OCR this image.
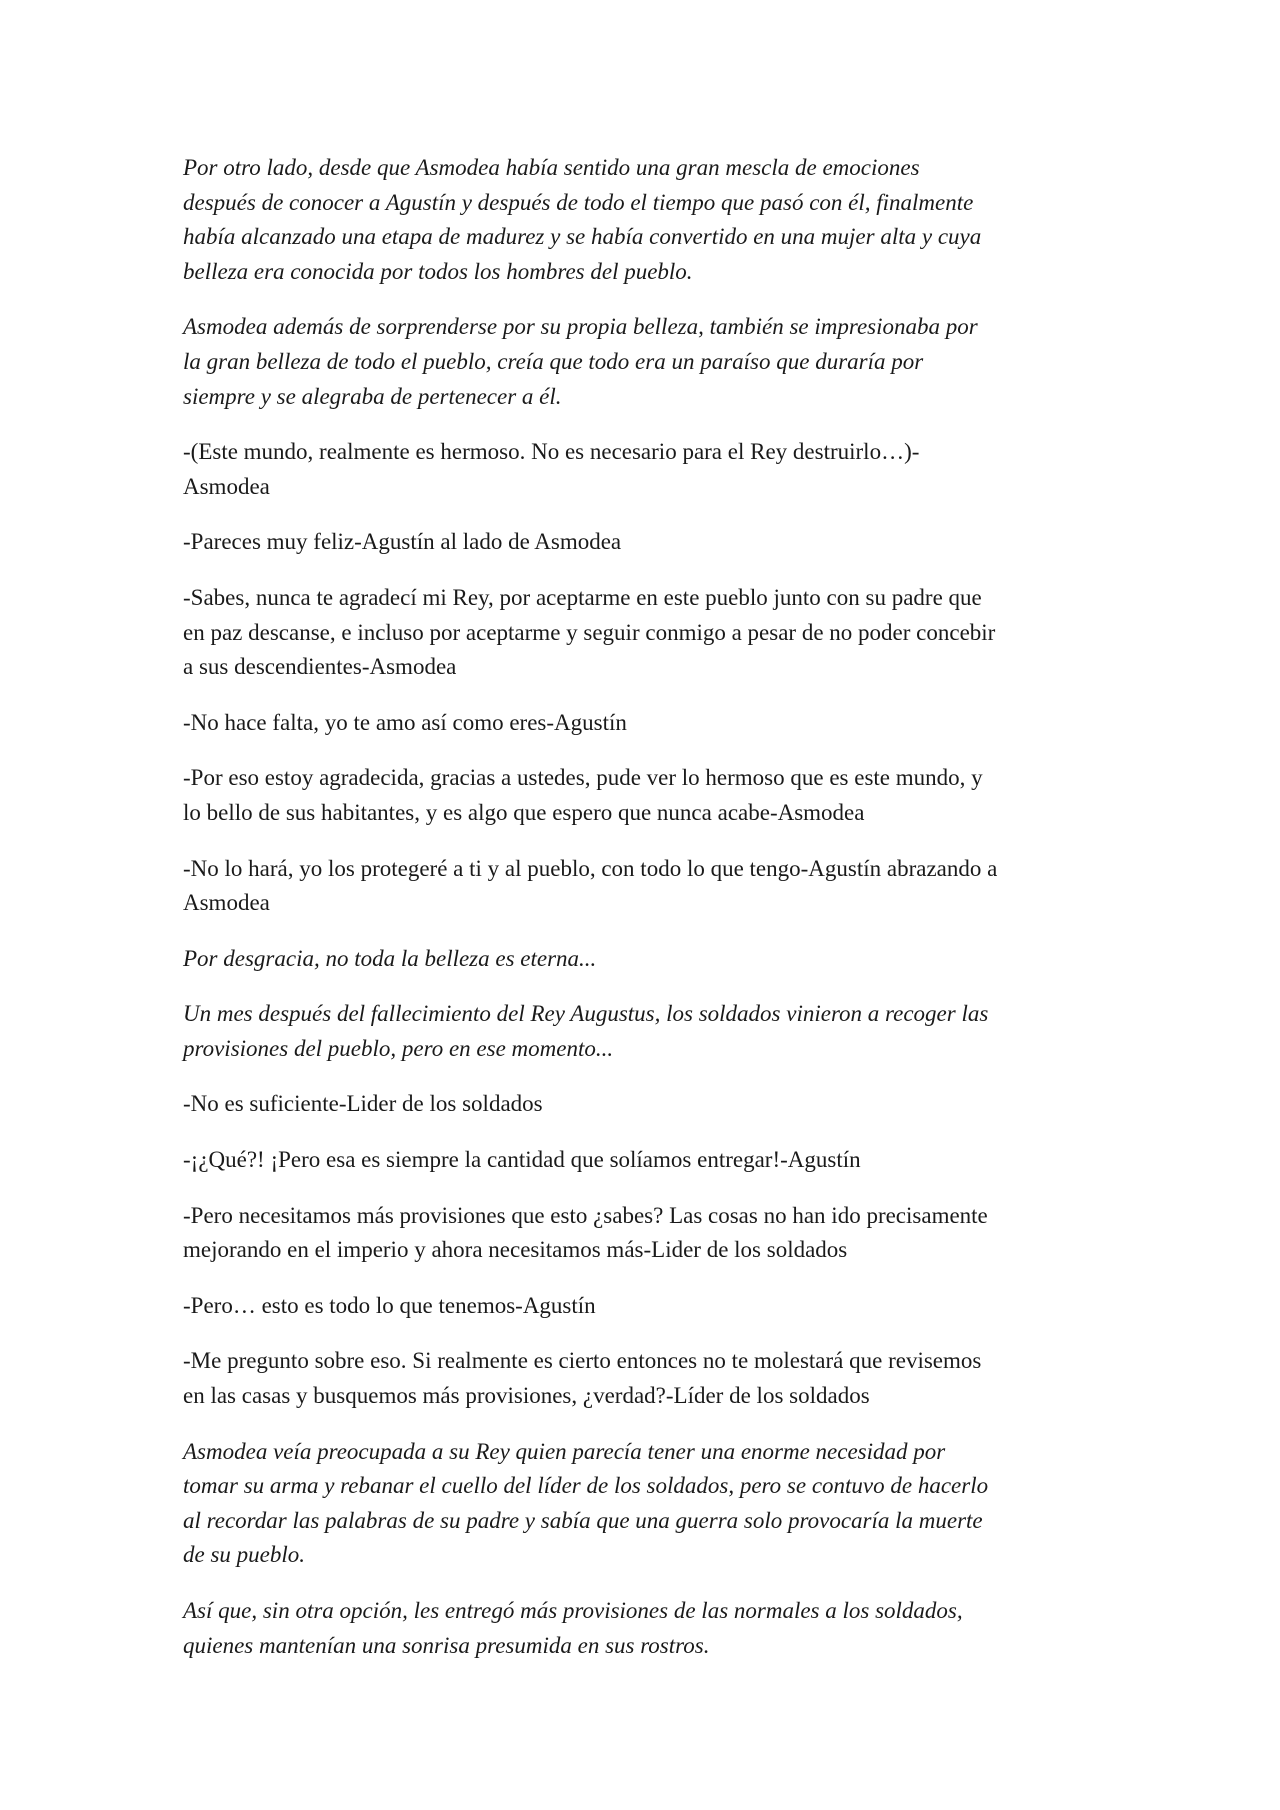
Por otro lado, desde que Asmodea había sentido una gran mescla de emociones
después de conocer a Agustín y después de todo el tiempo que pasó con él, finalmente
había alcanzado una etapa de madurez y se había convertido en una mujer alta y cuya
belleza era conocida por todos los hombres del pueblo.

Asmodea además de sorprenderse por su propia belleza, también se impresionaba por
la gran belleza de todo el pueblo, creía que todo era un paraíso que duraría por
siempre y se alegraba de pertenecer a él.

-(Este mundo, realmente es hermoso. No es necesario para el Rey destruirlo…)-
Asmodea

-Pareces muy feliz-Agustín al lado de Asmodea

-Sabes, nunca te agradecí mi Rey, por aceptarme en este pueblo junto con su padre que
en paz descanse, e incluso por aceptarme y seguir conmigo a pesar de no poder concebir
a sus descendientes-Asmodea

-No hace falta, yo te amo así como eres-Agustín

-Por eso estoy agradecida, gracias a ustedes, pude ver lo hermoso que es este mundo, y
lo bello de sus habitantes, y es algo que espero que nunca acabe-Asmodea

-No lo hará, yo los protegeré a ti y al pueblo, con todo lo que tengo-Agustín abrazando a
Asmodea

Por desgracia, no toda la belleza es eterna...

Un mes después del fallecimiento del Rey Augustus, los soldados vinieron a recoger las
provisiones del pueblo, pero en ese momento...

-No es suficiente-Lider de los soldados

-¡¿Qué?! ¡Pero esa es siempre la cantidad que solíamos entregar!-Agustín

-Pero necesitamos más provisiones que esto ¿sabes? Las cosas no han ido precisamente
mejorando en el imperio y ahora necesitamos más-Lider de los soldados

-Pero… esto es todo lo que tenemos-Agustín

-Me pregunto sobre eso. Si realmente es cierto entonces no te molestará que revisemos
en las casas y busquemos más provisiones, ¿verdad?-Líder de los soldados

Asmodea veía preocupada a su Rey quien parecía tener una enorme necesidad por
tomar su arma y rebanar el cuello del líder de los soldados, pero se contuvo de hacerlo
al recordar las palabras de su padre y sabía que una guerra solo provocaría la muerte
de su pueblo.

Así que, sin otra opción, les entregó más provisiones de las normales a los soldados,
quienes mantenían una sonrisa presumida en sus rostros.
